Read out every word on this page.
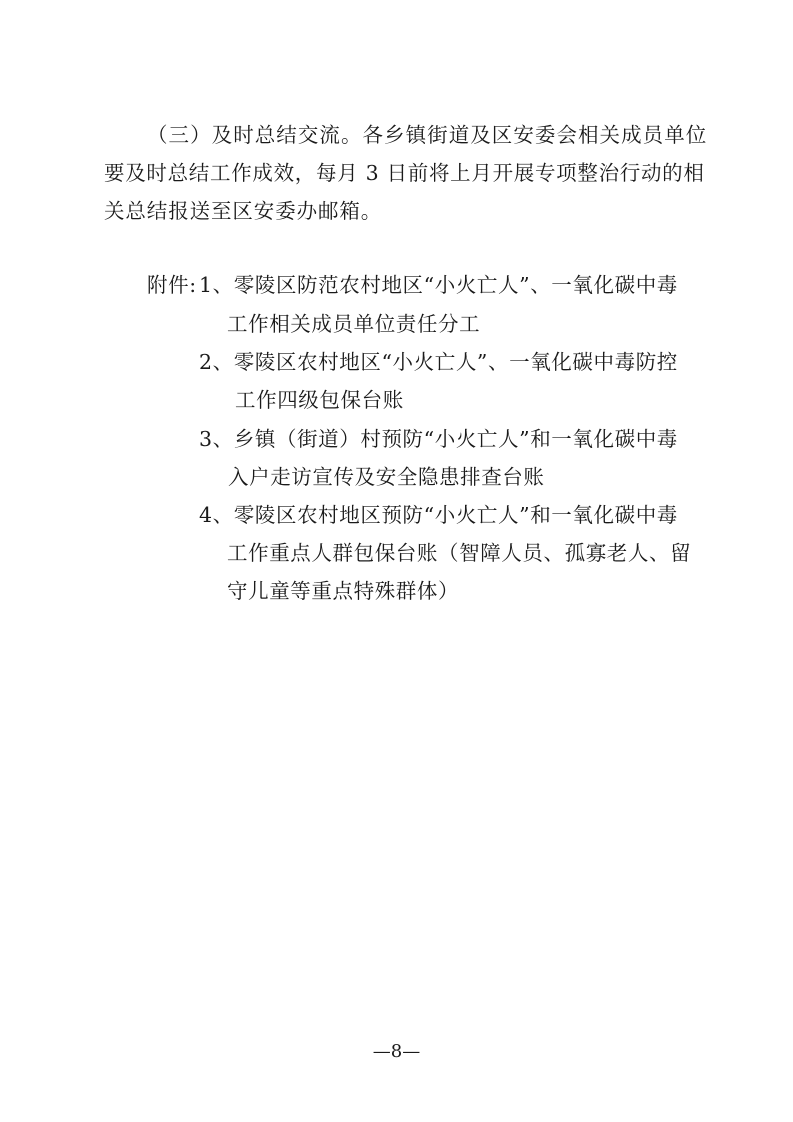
（三）及时总结交流。各乡镇街道及区安委会相关成员单位
要及时总结工作成效，每月 3 日前将上月开展专项整治行动的相
关总结报送至区安委办邮箱。
附件: 1、零陵区防范农村地区“小火亡人”、一氧化碳中毒
工作相关成员单位责任分工
2、零陵区农村地区“小火亡人”、一氧化碳中毒防控
工作四级包保台账
3、乡镇（街道）村预防“小火亡人”和一氧化碳中毒
入户走访宣传及安全隐患排查台账
4、零陵区农村地区预防“小火亡人”和一氧化碳中毒
工作重点人群包保台账（智障人员、孤寡老人、留
守儿童等重点特殊群体）
—8—
